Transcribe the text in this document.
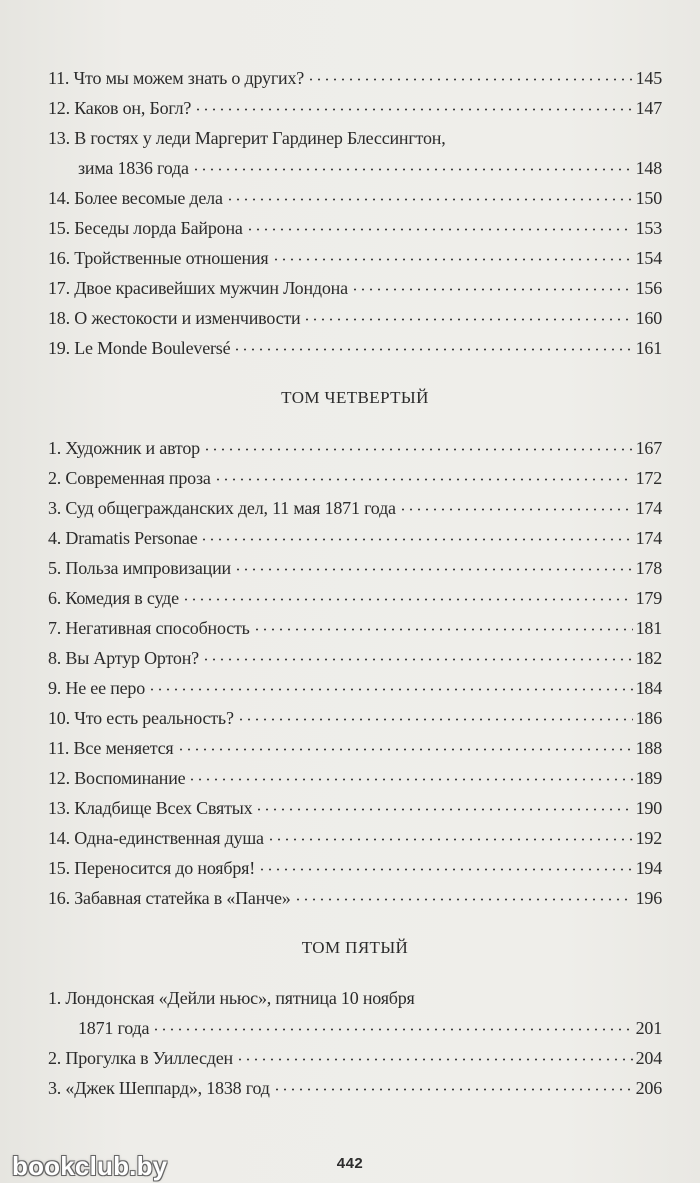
11. Что мы можем знать о других?	145
12. Каков он, Богл?	147
13. В гостях у леди Маргерит Гардинер Блессингтон,
зима 1836 года	148
14. Более весомые дела	150
15. Беседы лорда Байрона	153
16. Тройственные отношения	154
17. Двое красивейших мужчин Лондона	156
18. О жестокости и изменчивости	160
19. Le Monde Bouleversé	161
ТОМ ЧЕТВЕРТЫЙ
1. Художник и автор	167
2. Современная проза	172
3. Суд общегражданских дел, 11 мая 1871 года	174
4. Dramatis Personae	174
5. Польза импровизации	178
6. Комедия в суде	179
7. Негативная способность	181
8. Вы Артур Ортон?	182
9. Не ее перо	184
10. Что есть реальность?	186
11. Все меняется	188
12. Воспоминание	189
13. Кладбище Всех Святых	190
14. Одна-единственная душа	192
15. Переносится до ноября!	194
16. Забавная статейка в «Панче»	196
ТОМ ПЯТЫЙ
1. Лондонская «Дейли ньюс», пятница 10 ноября
1871 года	201
2. Прогулка в Уиллесден	204
3. «Джек Шеппард», 1838 год	206
bookclub.by	442
